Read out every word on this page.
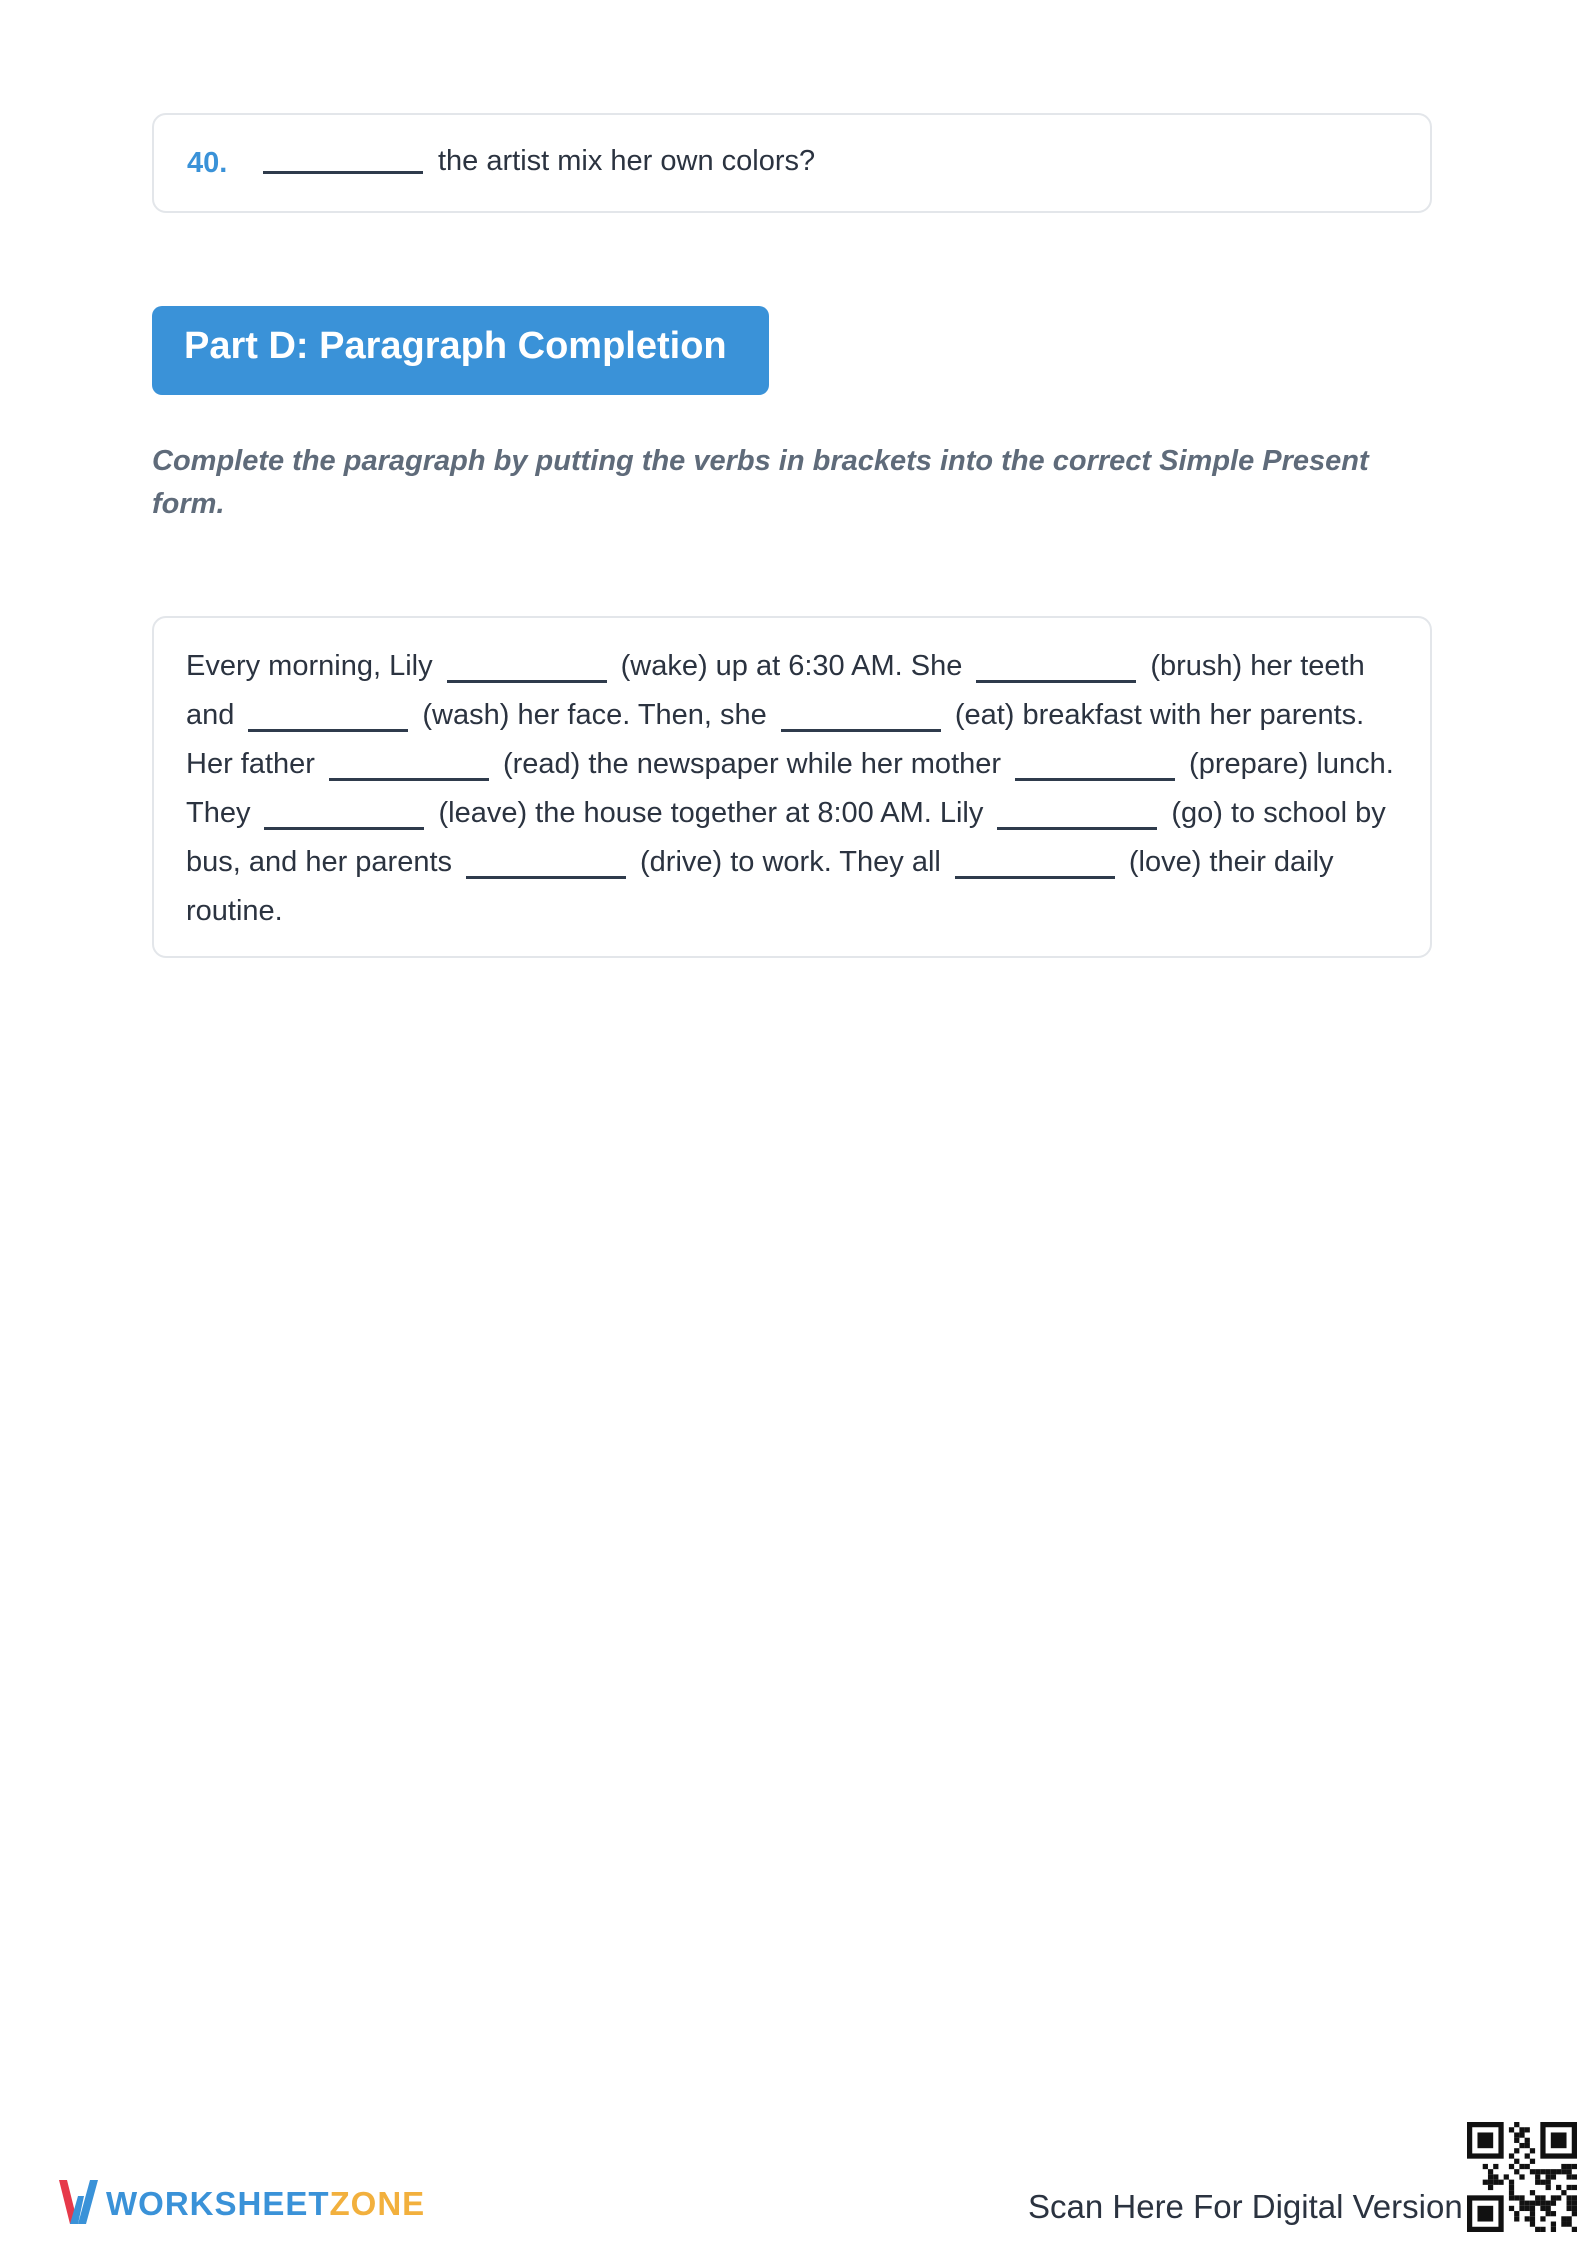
40.	the artist mix her own colors?
Part D: Paragraph Completion
Complete the paragraph by putting the verbs in brackets into the correct Simple Present form.
Every morning, Lily	(wake) up at 6:30 AM. She	(brush) her teeth and	(wash) her face. Then, she	(eat) breakfast with her parents. Her father	(read) the newspaper while her mother	(prepare) lunch. They	(leave) the house together at 8:00 AM. Lily	(go) to school by bus, and her parents	(drive) to work. They all	(love) their daily routine.
WORKSHEETZONE	Scan Here For Digital Version
